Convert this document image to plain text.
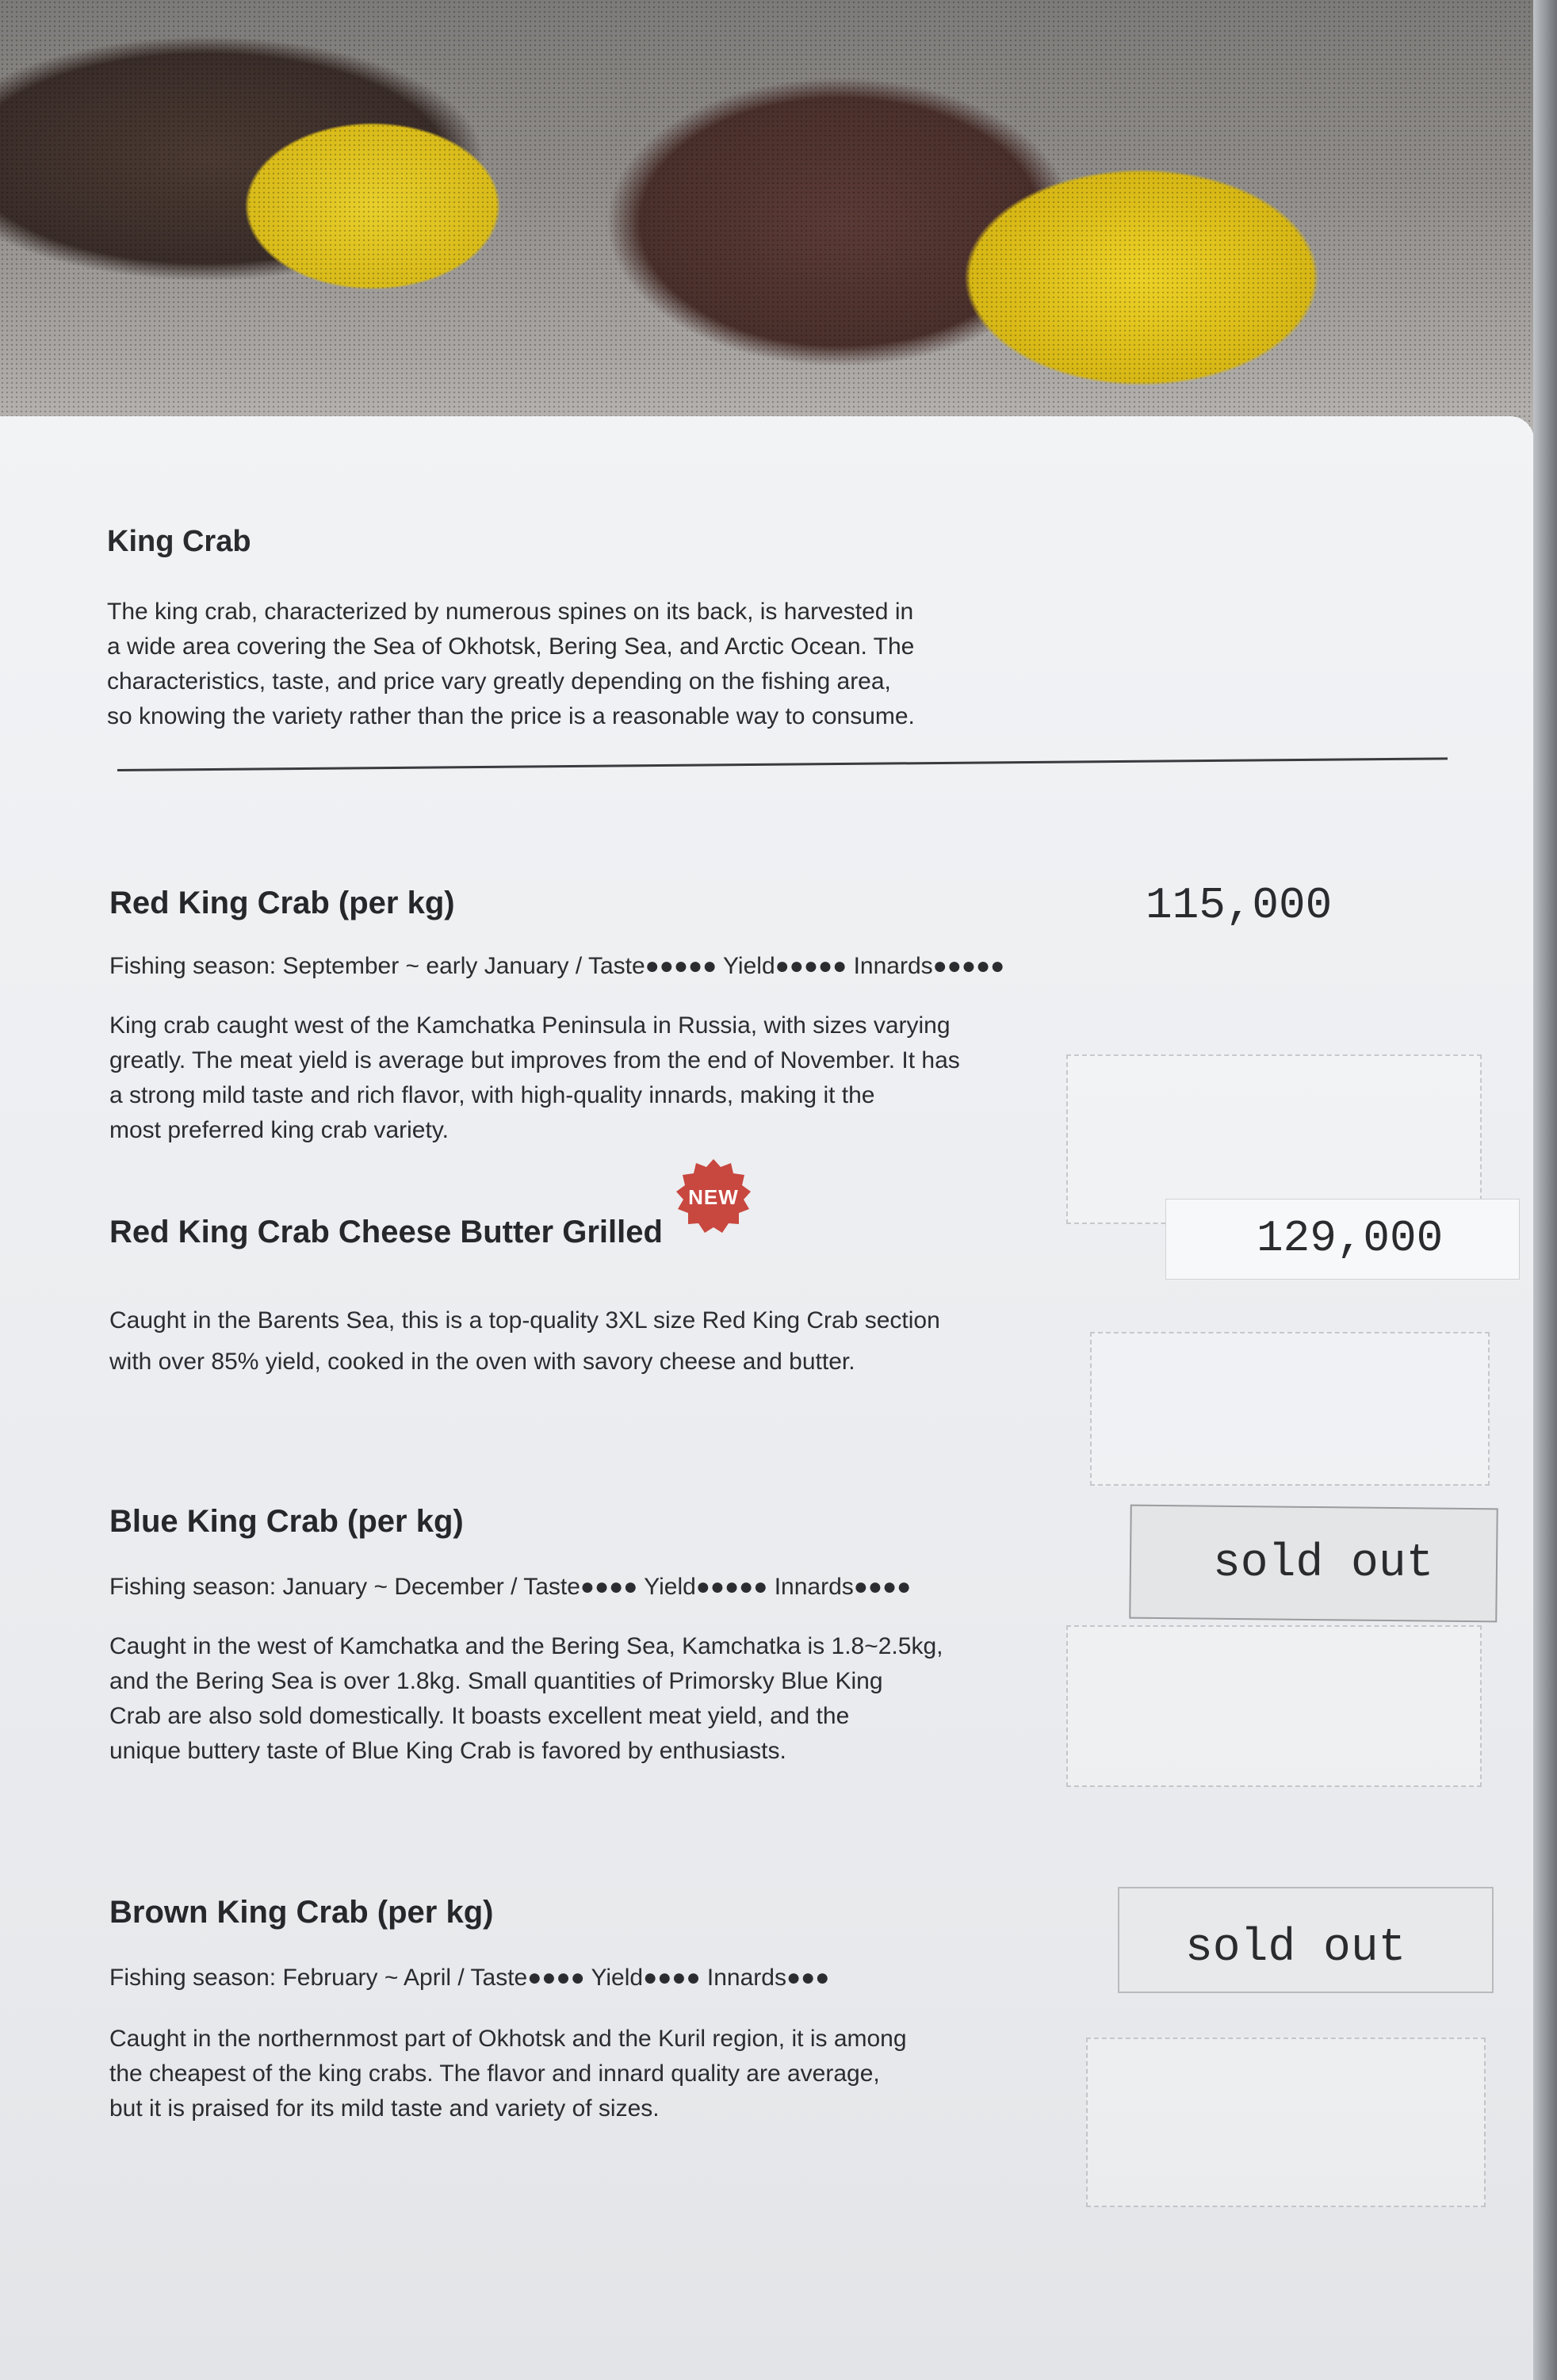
King Crab
The king crab, characterized by numerous spines on its back, is harvested in
a wide area covering the Sea of Okhotsk, Bering Sea, and Arctic Ocean. The
characteristics, taste, and price vary greatly depending on the fishing area,
so knowing the variety rather than the price is a reasonable way to consume.
Red King Crab (per kg)	115,000
Fishing season: September ~ early January / Taste●●●●● Yield●●●●● Innards●●●●●
King crab caught west of the Kamchatka Peninsula in Russia, with sizes varying
greatly. The meat yield is average but improves from the end of November. It has
a strong mild taste and rich flavor, with high-quality innards, making it the
most preferred king crab variety.
Red King Crab Cheese Butter Grilled
NEW
129,000
Caught in the Barents Sea, this is a top-quality 3XL size Red King Crab section
with over 85% yield, cooked in the oven with savory cheese and butter.
Blue King Crab (per kg)
sold out
Fishing season: January ~ December / Taste●●●● Yield●●●●● Innards●●●●
Caught in the west of Kamchatka and the Bering Sea, Kamchatka is 1.8~2.5kg,
and the Bering Sea is over 1.8kg. Small quantities of Primorsky Blue King
Crab are also sold domestically. It boasts excellent meat yield, and the
unique buttery taste of Blue King Crab is favored by enthusiasts.
Brown King Crab (per kg)
sold out
Fishing season: February ~ April / Taste●●●● Yield●●●● Innards●●●
Caught in the northernmost part of Okhotsk and the Kuril region, it is among
the cheapest of the king crabs. The flavor and innard quality are average,
but it is praised for its mild taste and variety of sizes.
